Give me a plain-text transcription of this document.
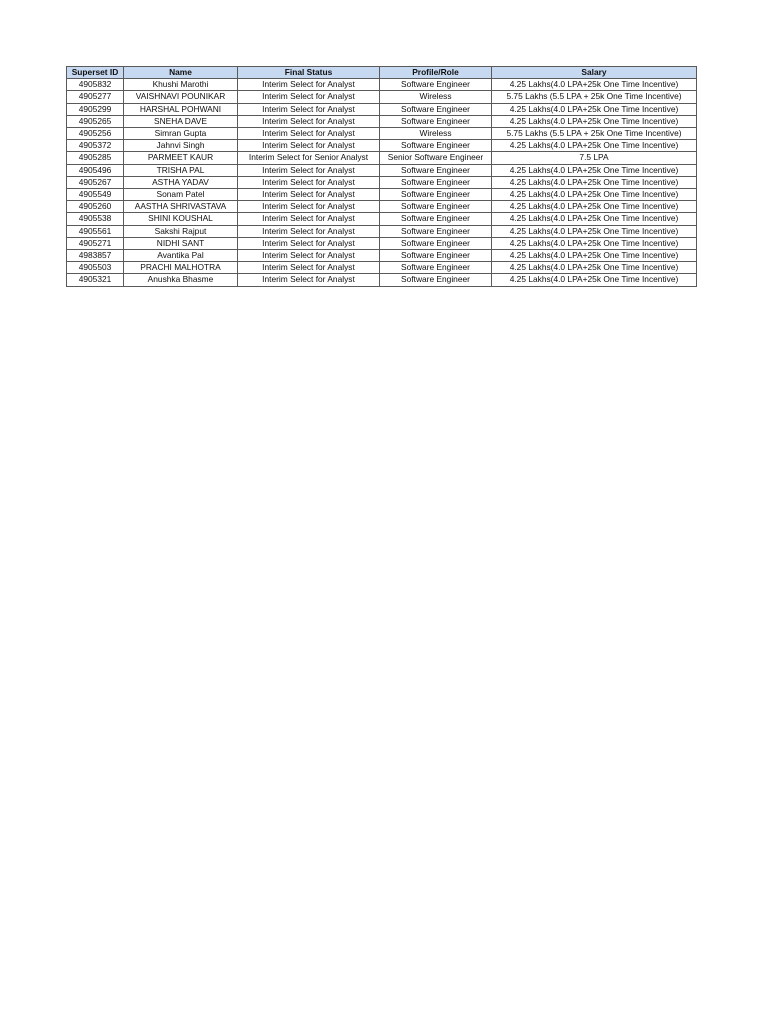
Superset ID	Name	Final Status	Profile/Role	Salary
4905832	Khushi Marothi	Interim Select for Analyst	Software Engineer	4.25 Lakhs(4.0 LPA+25k One Time Incentive)
4905277	VAISHNAVI POUNIKAR	Interim Select for Analyst	Wireless	5.75 Lakhs (5.5 LPA + 25k One Time Incentive)
4905299	HARSHAL POHWANI	Interim Select for Analyst	Software Engineer	4.25 Lakhs(4.0 LPA+25k One Time Incentive)
4905265	SNEHA DAVE	Interim Select for Analyst	Software Engineer	4.25 Lakhs(4.0 LPA+25k One Time Incentive)
4905256	Simran Gupta	Interim Select for Analyst	Wireless	5.75 Lakhs (5.5 LPA + 25k One Time Incentive)
4905372	Jahnvi Singh	Interim Select for Analyst	Software Engineer	4.25 Lakhs(4.0 LPA+25k One Time Incentive)
4905285	PARMEET KAUR	Interim Select for Senior Analyst	Senior Software Engineer	7.5 LPA
4905496	TRISHA PAL	Interim Select for Analyst	Software Engineer	4.25 Lakhs(4.0 LPA+25k One Time Incentive)
4905267	ASTHA YADAV	Interim Select for Analyst	Software Engineer	4.25 Lakhs(4.0 LPA+25k One Time Incentive)
4905549	Sonam Patel	Interim Select for Analyst	Software Engineer	4.25 Lakhs(4.0 LPA+25k One Time Incentive)
4905260	AASTHA SHRIVASTAVA	Interim Select for Analyst	Software Engineer	4.25 Lakhs(4.0 LPA+25k One Time Incentive)
4905538	SHINI KOUSHAL	Interim Select for Analyst	Software Engineer	4.25 Lakhs(4.0 LPA+25k One Time Incentive)
4905561	Sakshi Rajput	Interim Select for Analyst	Software Engineer	4.25 Lakhs(4.0 LPA+25k One Time Incentive)
4905271	NIDHI SANT	Interim Select for Analyst	Software Engineer	4.25 Lakhs(4.0 LPA+25k One Time Incentive)
4983857	Avantika Pal	Interim Select for Analyst	Software Engineer	4.25 Lakhs(4.0 LPA+25k One Time Incentive)
4905503	PRACHI MALHOTRA	Interim Select for Analyst	Software Engineer	4.25 Lakhs(4.0 LPA+25k One Time Incentive)
4905321	Anushka Bhasme	Interim Select for Analyst	Software Engineer	4.25 Lakhs(4.0 LPA+25k One Time Incentive)
